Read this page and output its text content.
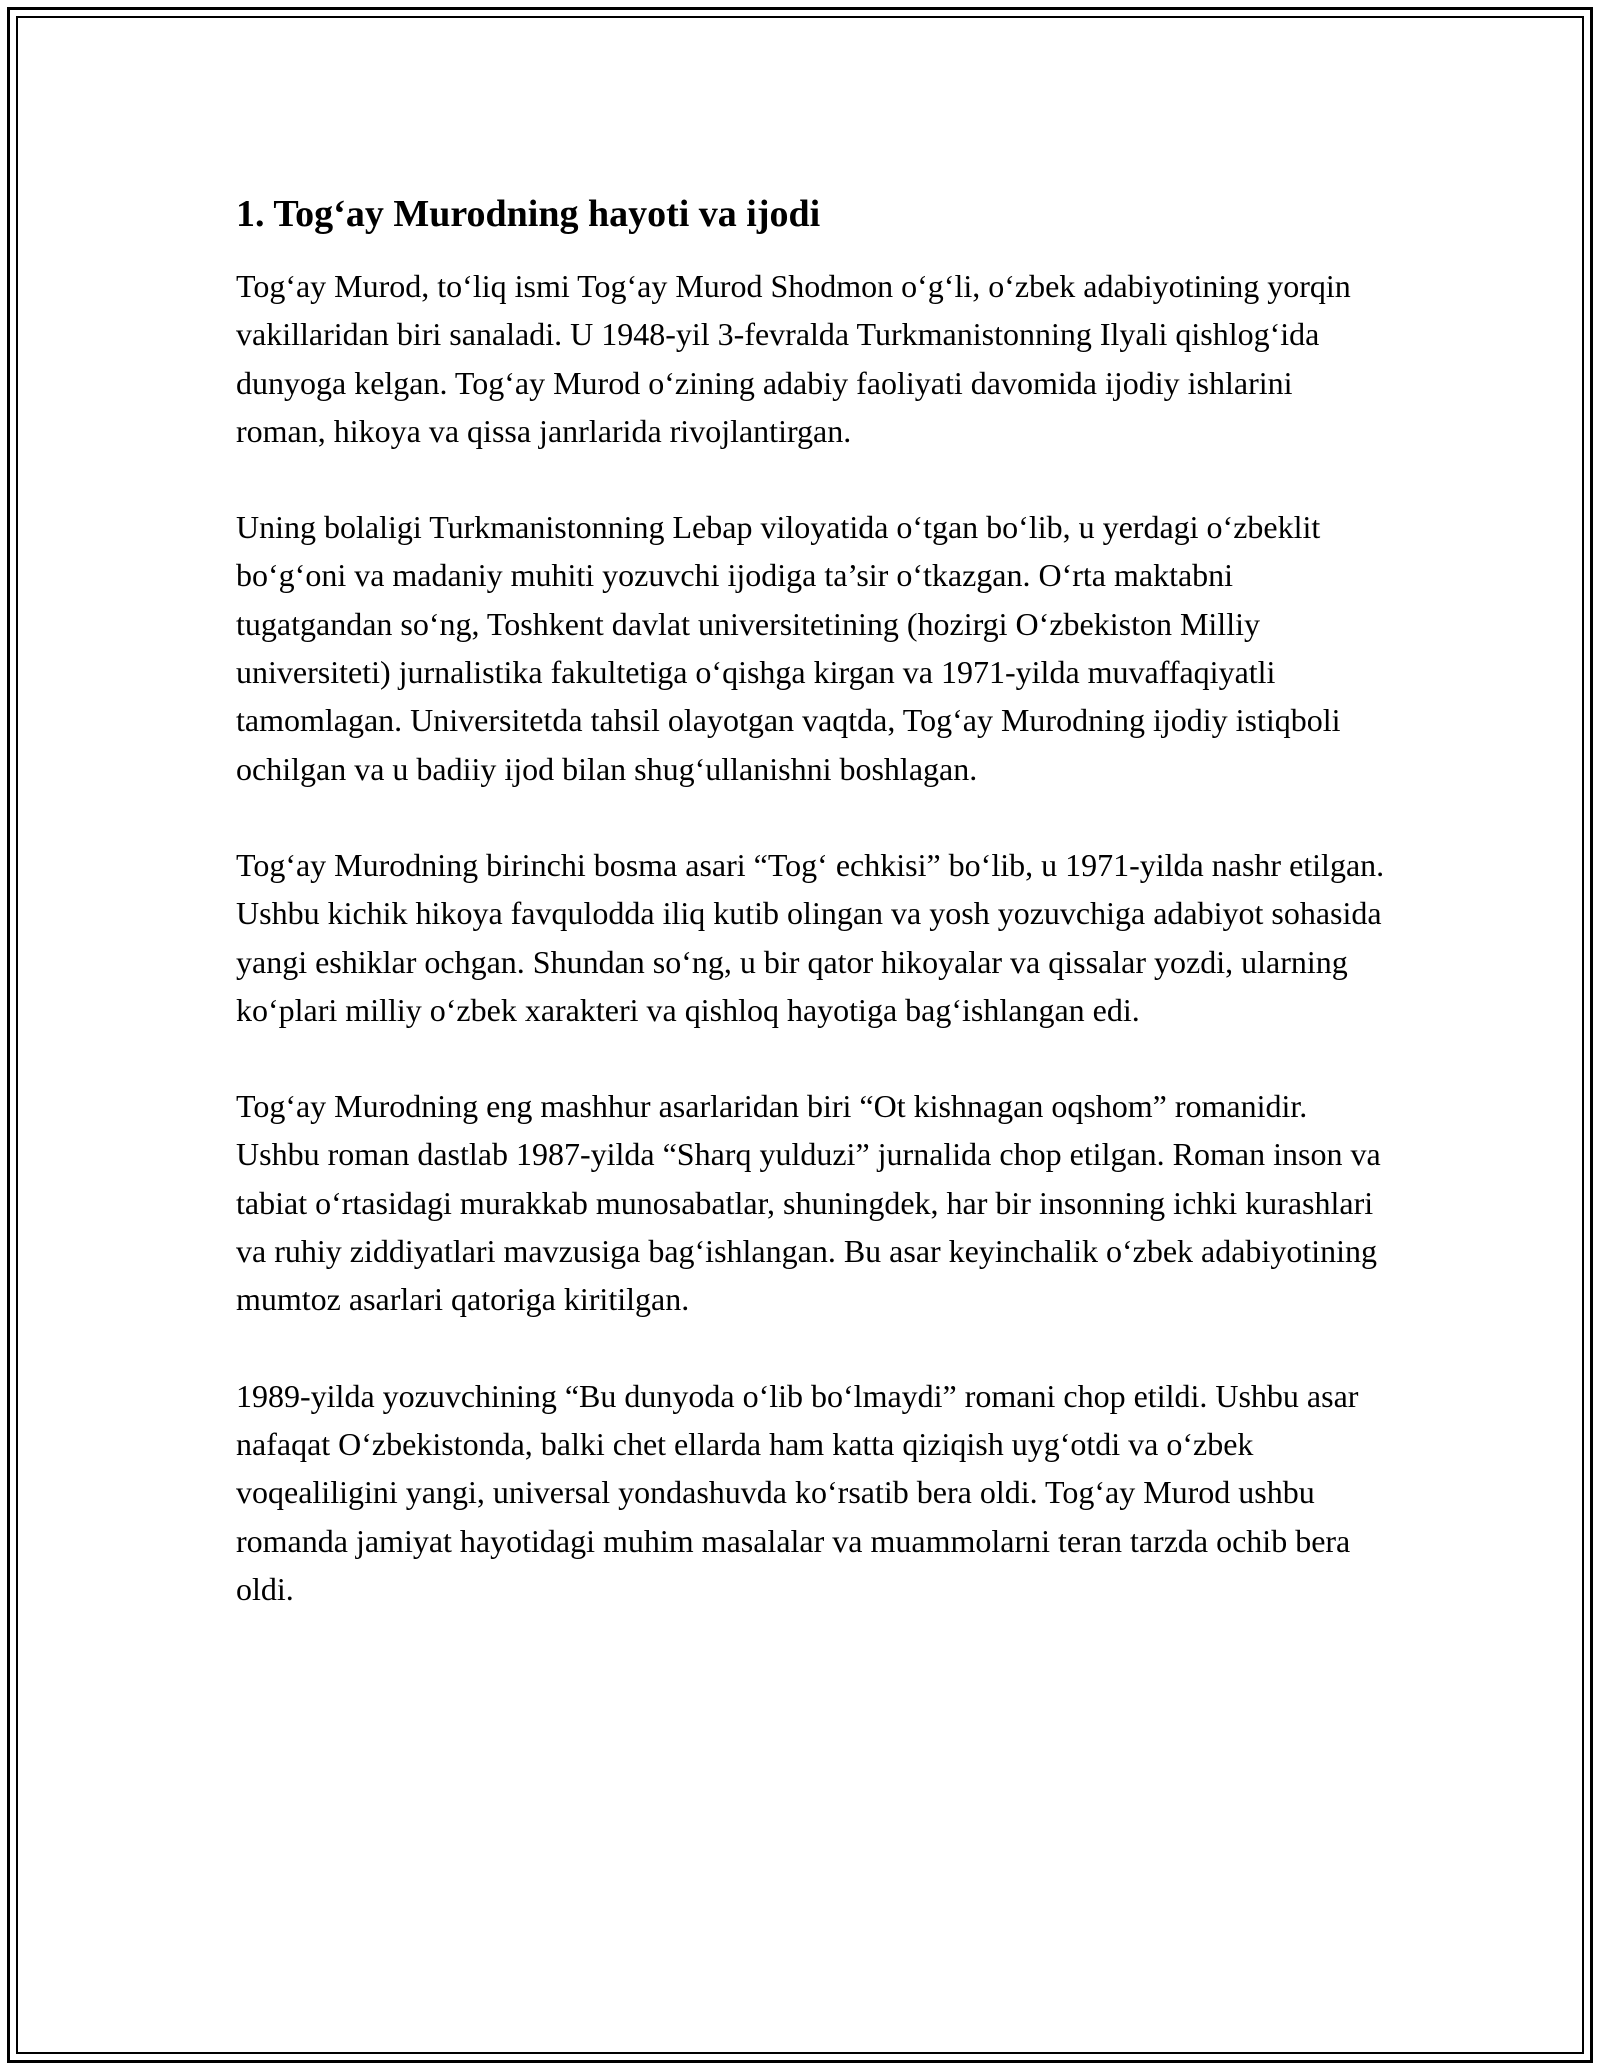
1. Tog‘ay Murodning hayoti va ijodi

Tog‘ay Murod, to‘liq ismi Tog‘ay Murod Shodmon o‘g‘li, o‘zbek adabiyotining yorqin vakillaridan biri sanaladi. U 1948-yil 3-fevralda Turkmanistonning Ilyali qishlog‘ida dunyoga kelgan. Tog‘ay Murod o‘zining adabiy faoliyati davomida ijodiy ishlarini roman, hikoya va qissa janrlarida rivojlantirgan.

Uning bolaligi Turkmanistonning Lebap viloyatida o‘tgan bo‘lib, u yerdagi o‘zbeklit bo‘g‘oni va madaniy muhiti yozuvchi ijodiga ta’sir o‘tkazgan. O‘rta maktabni tugatgandan so‘ng, Toshkent davlat universitetining (hozirgi O‘zbekiston Milliy universiteti) jurnalistika fakultetiga o‘qishga kirgan va 1971-yilda muvaffaqiyatli tamomlagan. Universitetda tahsil olayotgan vaqtda, Tog‘ay Murodning ijodiy istiqboli ochilgan va u badiiy ijod bilan shug‘ullanishni boshlagan.

Tog‘ay Murodning birinchi bosma asari “Tog‘ echkisi” bo‘lib, u 1971-yilda nashr etilgan. Ushbu kichik hikoya favqulodda iliq kutib olingan va yosh yozuvchiga adabiyot sohasida yangi eshiklar ochgan. Shundan so‘ng, u bir qator hikoyalar va qissalar yozdi, ularning ko‘plari milliy o‘zbek xarakteri va qishloq hayotiga bag‘ishlangan edi.

Tog‘ay Murodning eng mashhur asarlaridan biri “Ot kishnagan oqshom” romanidir. Ushbu roman dastlab 1987-yilda “Sharq yulduzi” jurnalida chop etilgan. Roman inson va tabiat o‘rtasidagi murakkab munosabatlar, shuningdek, har bir insonning ichki kurashlari va ruhiy ziddiyatlari mavzusiga bag‘ishlangan. Bu asar keyinchalik o‘zbek adabiyotining mumtoz asarlari qatoriga kiritilgan.

1989-yilda yozuvchining “Bu dunyoda o‘lib bo‘lmaydi” romani chop etildi. Ushbu asar nafaqat O‘zbekistonda, balki chet ellarda ham katta qiziqish uyg‘otdi va o‘zbek voqealiligini yangi, universal yondashuvda ko‘rsatib bera oldi. Tog‘ay Murod ushbu romanda jamiyat hayotidagi muhim masalalar va muammolarni teran tarzda ochib bera oldi.
